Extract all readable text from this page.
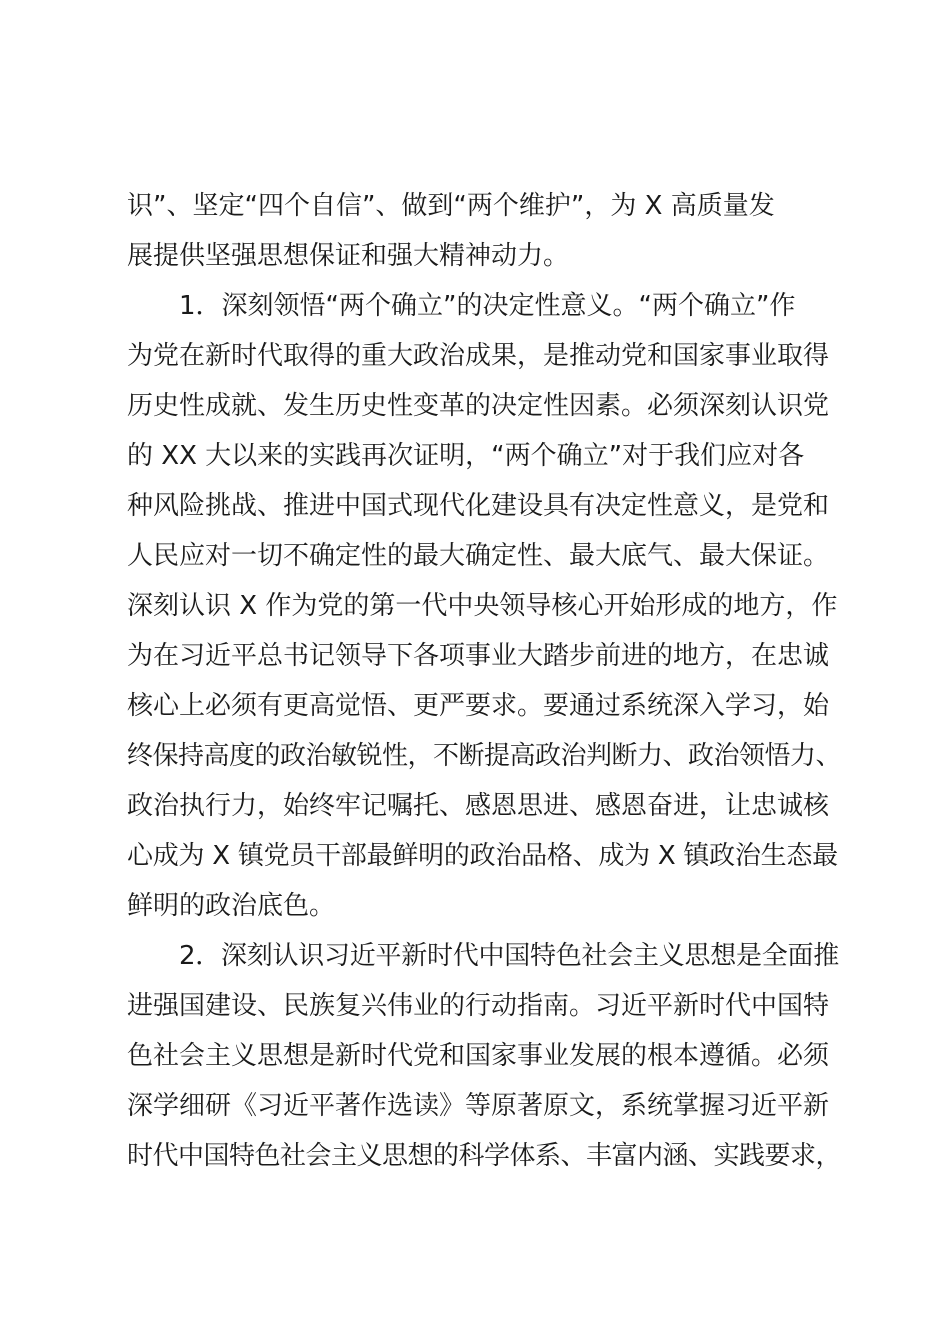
识”、坚定“四个自信”、做到“两个维护”，为 X 高质量发
展提供坚强思想保证和强大精神动力。
1．深刻领悟“两个确立”的决定性意义。“两个确立”作
为党在新时代取得的重大政治成果，是推动党和国家事业取得
历史性成就、发生历史性变革的决定性因素。必须深刻认识党
的 XX 大以来的实践再次证明，“两个确立”对于我们应对各
种风险挑战、推进中国式现代化建设具有决定性意义，是党和
人民应对一切不确定性的最大确定性、最大底气、最大保证。
深刻认识 X 作为党的第一代中央领导核心开始形成的地方，作
为在习近平总书记领导下各项事业大踏步前进的地方，在忠诚
核心上必须有更高觉悟、更严要求。要通过系统深入学习，始
终保持高度的政治敏锐性，不断提高政治判断力、政治领悟力、
政治执行力，始终牢记嘱托、感恩思进、感恩奋进，让忠诚核
心成为 X 镇党员干部最鲜明的政治品格、成为 X 镇政治生态最
鲜明的政治底色。
2．深刻认识习近平新时代中国特色社会主义思想是全面推
进强国建设、民族复兴伟业的行动指南。习近平新时代中国特
色社会主义思想是新时代党和国家事业发展的根本遵循。必须
深学细研《习近平著作选读》等原著原文，系统掌握习近平新
时代中国特色社会主义思想的科学体系、丰富内涵、实践要求，
